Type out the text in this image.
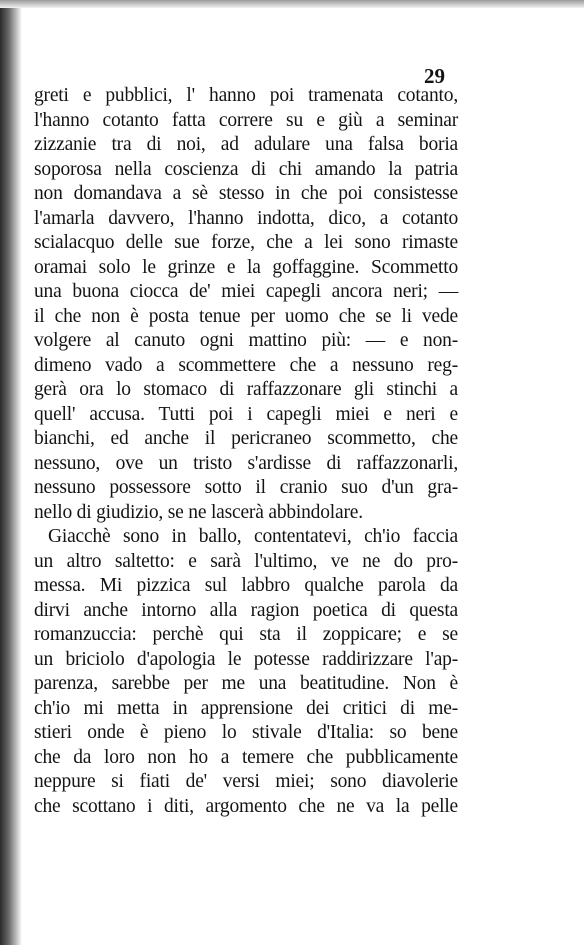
29
greti e pubblici, l' hanno poi tramenata cotanto,
l'hanno cotanto fatta correre su e giù a seminar
zizzanie tra di noi, ad adulare una falsa boria
soporosa nella coscienza di chi amando la patria
non domandava a sè stesso in che poi consistesse
l'amarla davvero, l'hanno indotta, dico, a cotanto
scialacquo delle sue forze, che a lei sono rimaste
oramai solo le grinze e la goffaggine. Scommetto
una buona ciocca de' miei capegli ancora neri; —
il che non è posta tenue per uomo che se li vede
volgere al canuto ogni mattino più: — e non-
dimeno vado a scommettere che a nessuno reg-
gerà ora lo stomaco di raffazzonare gli stinchi a
quell' accusa. Tutti poi i capegli miei e neri e
bianchi, ed anche il pericraneo scommetto, che
nessuno, ove un tristo s'ardisse di raffazzonarli,
nessuno possessore sotto il cranio suo d'un gra-
nello di giudizio, se ne lascerà abbindolare.
Giacchè sono in ballo, contentatevi, ch'io faccia
un altro saltetto: e sarà l'ultimo, ve ne do pro-
messa. Mi pizzica sul labbro qualche parola da
dirvi anche intorno alla ragion poetica di questa
romanzuccia: perchè qui sta il zoppicare; e se
un briciolo d'apologia le potesse raddirizzare l'ap-
parenza, sarebbe per me una beatitudine. Non è
ch'io mi metta in apprensione dei critici di me-
stieri onde è pieno lo stivale d'Italia: so bene
che da loro non ho a temere che pubblicamente
neppure si fiati de' versi miei; sono diavolerie
che scottano i diti, argomento che ne va la pelle
